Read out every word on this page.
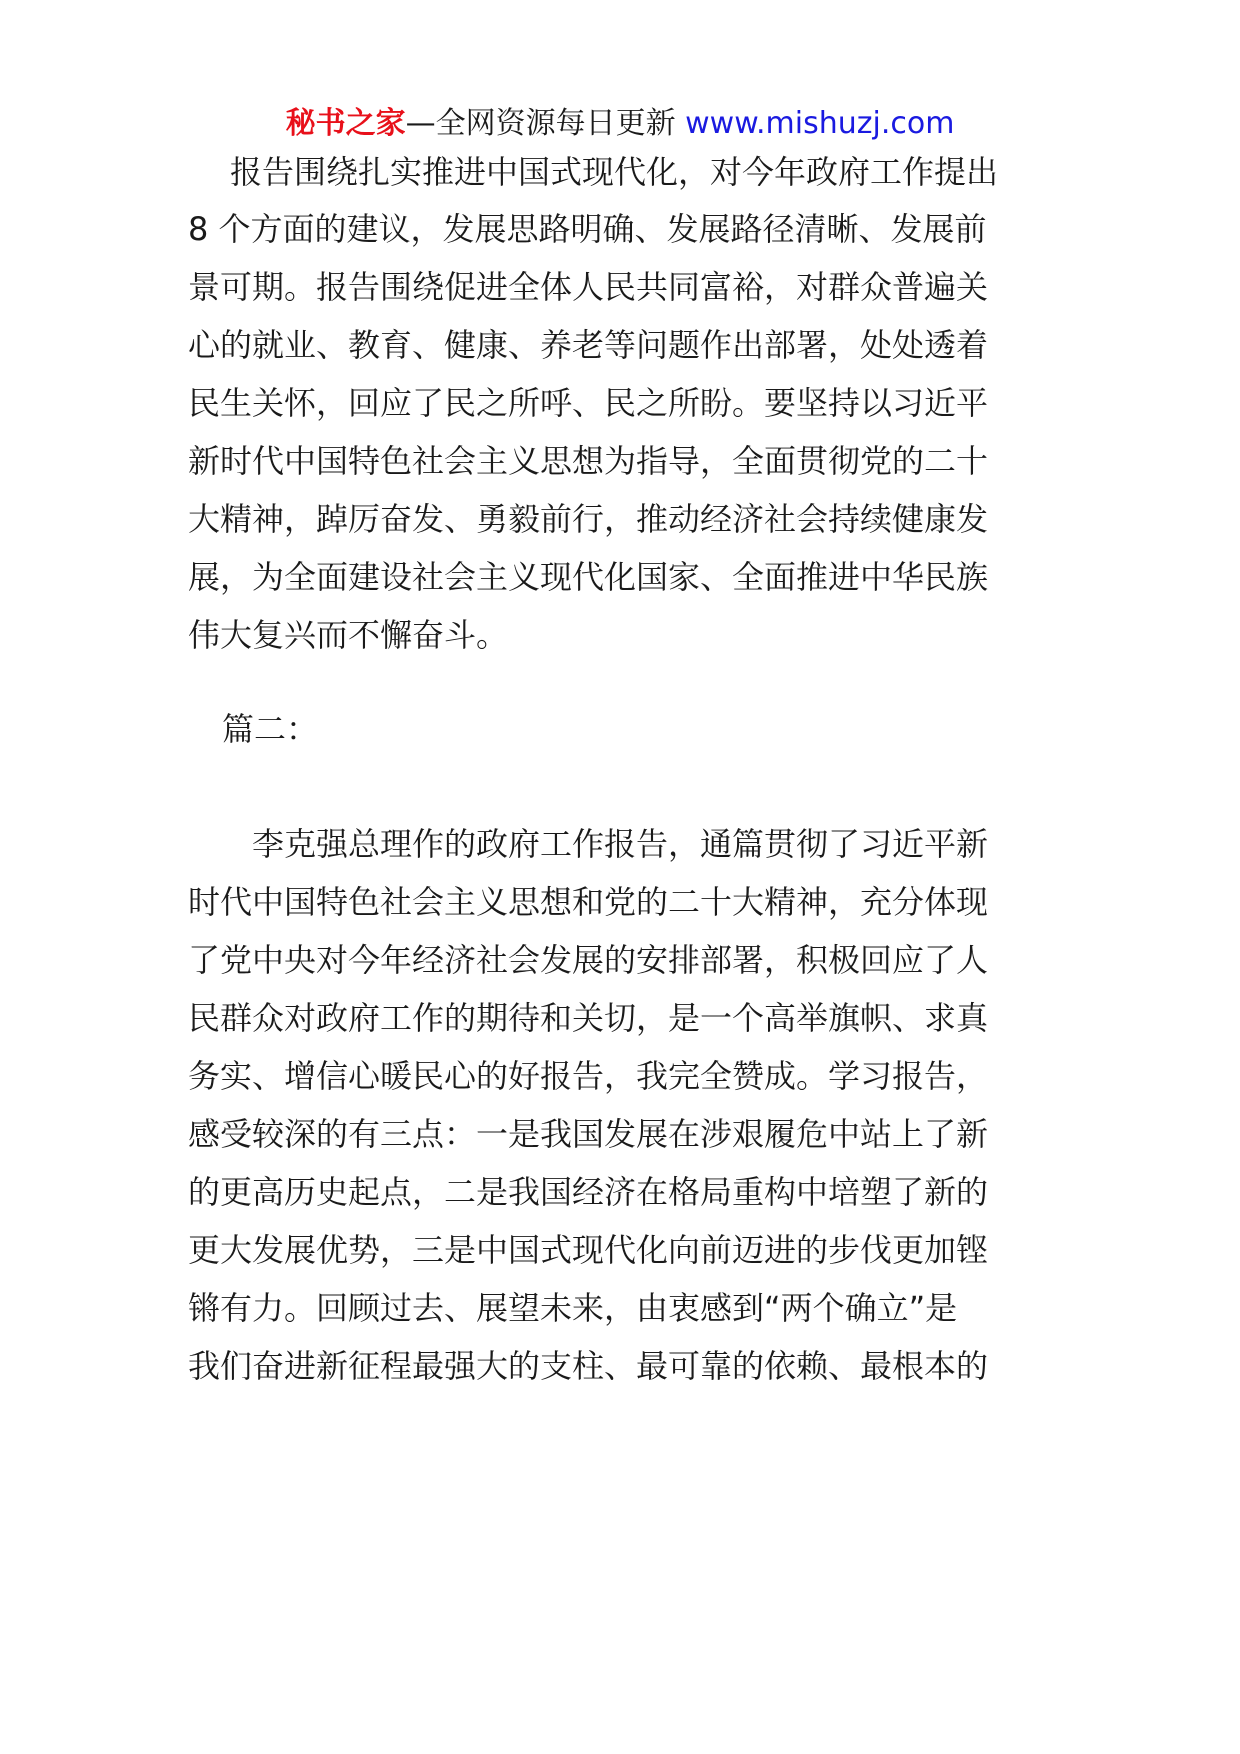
秘书之家—全网资源每日更新 www.mishuzj.com
报告围绕扎实推进中国式现代化，对今年政府工作提出
8 个方面的建议，发展思路明确、发展路径清晰、发展前
景可期。报告围绕促进全体人民共同富裕，对群众普遍关
心的就业、教育、健康、养老等问题作出部署，处处透着
民生关怀，回应了民之所呼、民之所盼。要坚持以习近平
新时代中国特色社会主义思想为指导，全面贯彻党的二十
大精神，踔厉奋发、勇毅前行，推动经济社会持续健康发
展，为全面建设社会主义现代化国家、全面推进中华民族
伟大复兴而不懈奋斗。
篇二：
李克强总理作的政府工作报告，通篇贯彻了习近平新
时代中国特色社会主义思想和党的二十大精神，充分体现
了党中央对今年经济社会发展的安排部署，积极回应了人
民群众对政府工作的期待和关切，是一个高举旗帜、求真
务实、增信心暖民心的好报告，我完全赞成。学习报告，
感受较深的有三点：一是我国发展在涉艰履危中站上了新
的更高历史起点，二是我国经济在格局重构中培塑了新的
更大发展优势，三是中国式现代化向前迈进的步伐更加铿
锵有力。回顾过去、展望未来，由衷感到“两个确立”是
我们奋进新征程最强大的支柱、最可靠的依赖、最根本的
